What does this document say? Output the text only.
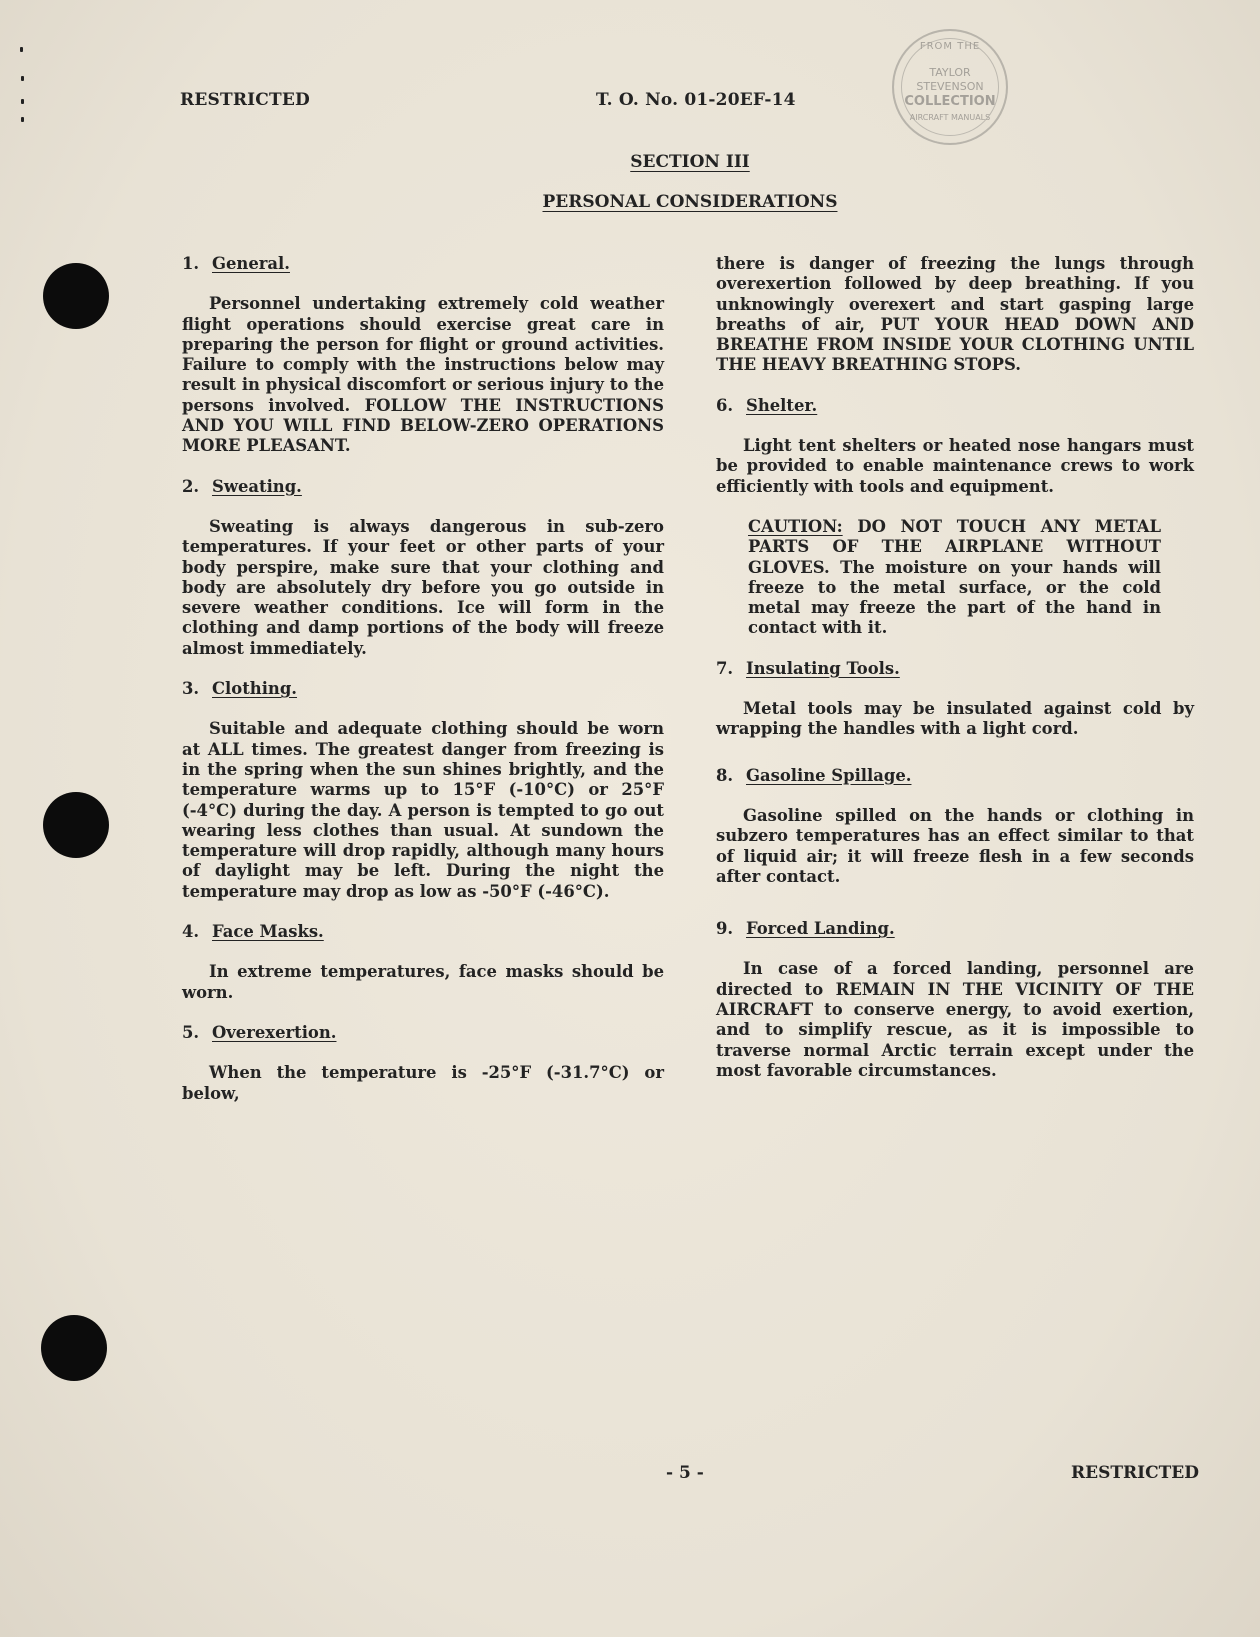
RESTRICTED	T. O. No. 01-20EF-14
FROM THE
TAYLOR
STEVENSON
COLLECTION
AIRCRAFT MANUALS
SECTION III
PERSONAL CONSIDERATIONS

1. General.

Personnel undertaking extremely cold weather flight operations should exercise great care in preparing the person for flight or ground activities. Failure to comply with the instructions below may result in physical discomfort or serious injury to the persons involved. FOLLOW THE INSTRUCTIONS AND YOU WILL FIND BELOW-ZERO OPERATIONS MORE PLEASANT.

2. Sweating.

Sweating is always dangerous in sub-zero temperatures. If your feet or other parts of your body perspire, make sure that your clothing and body are absolutely dry before you go outside in severe weather conditions. Ice will form in the clothing and damp portions of the body will freeze almost immediately.

3. Clothing.

Suitable and adequate clothing should be worn at ALL times. The greatest danger from freezing is in the spring when the sun shines brightly, and the temperature warms up to 15°F (-10°C) or 25°F (-4°C) during the day. A person is tempted to go out wearing less clothes than usual. At sundown the temperature will drop rapidly, although many hours of daylight may be left. During the night the temperature may drop as low as -50°F (-46°C).

4. Face Masks.

In extreme temperatures, face masks should be worn.

5. Overexertion.

When the temperature is -25°F (-31.7°C) or below,

there is danger of freezing the lungs through overexertion followed by deep breathing. If you unknowingly overexert and start gasping large breaths of air, PUT YOUR HEAD DOWN AND BREATHE FROM INSIDE YOUR CLOTHING UNTIL THE HEAVY BREATHING STOPS.

6. Shelter.

Light tent shelters or heated nose hangars must be provided to enable maintenance crews to work efficiently with tools and equipment.

CAUTION: DO NOT TOUCH ANY METAL PARTS OF THE AIRPLANE WITHOUT GLOVES. The moisture on your hands will freeze to the metal surface, or the cold metal may freeze the part of the hand in contact with it.

7. Insulating Tools.

Metal tools may be insulated against cold by wrapping the handles with a light cord.

8. Gasoline Spillage.

Gasoline spilled on the hands or clothing in subzero temperatures has an effect similar to that of liquid air; it will freeze flesh in a few seconds after contact.

9. Forced Landing.

In case of a forced landing, personnel are directed to REMAIN IN THE VICINITY OF THE AIRCRAFT to conserve energy, to avoid exertion, and to simplify rescue, as it is impossible to traverse normal Arctic terrain except under the most favorable circumstances.

- 5 -	RESTRICTED
